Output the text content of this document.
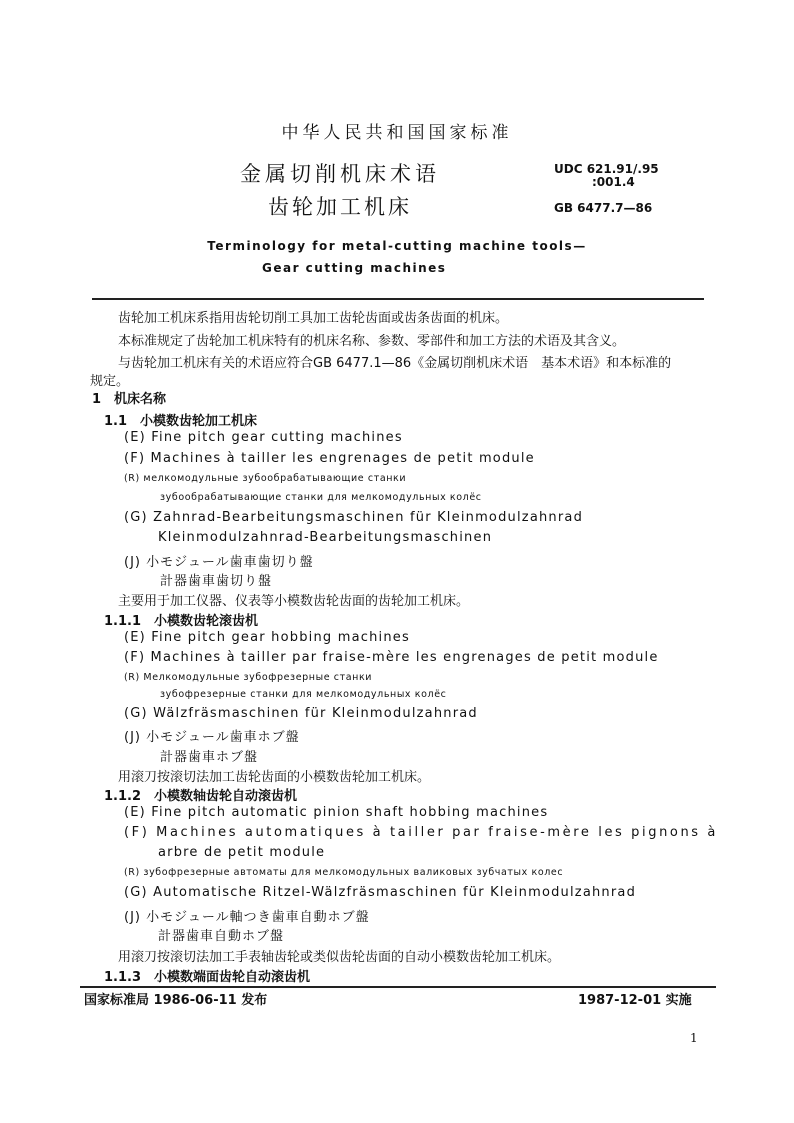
中华人民共和国国家标准
金属切削机床术语
齿轮加工机床
UDC 621.91/.95
:001.4
GB 6477.7—86
Terminology for metal-cutting machine tools—
Gear cutting machines
齿轮加工机床系指用齿轮切削工具加工齿轮齿面或齿条齿面的机床。
本标准规定了齿轮加工机床特有的机床名称、参数、零部件和加工方法的术语及其含义。
与齿轮加工机床有关的术语应符合GB 6477.1—86《金属切削机床术语　基本术语》和本标准的
规定。
1　机床名称
1.1　小模数齿轮加工机床
(E) Fine pitch gear cutting machines
(F) Machines à tailler les engrenages de petit module
(R) мелкомодульные зубообрабатывающие станки
зубообрабатывающие станки для мелкомодульных колёс
(G) Zahnrad-Bearbeitungsmaschinen für Kleinmodulzahnrad
Kleinmodulzahnrad-Bearbeitungsmaschinen
(J) 小モジュール歯車歯切り盤
計器歯車歯切り盤
主要用于加工仪器、仪表等小模数齿轮齿面的齿轮加工机床。
1.1.1　小模数齿轮滚齿机
(E) Fine pitch gear hobbing machines
(F) Machines à tailler par fraise-mère les engrenages de petit module
(R) Мелкомодульные зубофрезерные станки
зубофрезерные станки для мелкомодульных колёс
(G) Wälzfräsmaschinen für Kleinmodulzahnrad
(J) 小モジュール歯車ホブ盤
計器歯車ホブ盤
用滚刀按滚切法加工齿轮齿面的小模数齿轮加工机床。
1.1.2　小模数轴齿轮自动滚齿机
(E) Fine pitch automatic pinion shaft hobbing machines
(F) Machines automatiques à tailler par fraise-mère les pignons à
arbre de petit module
(R) зубофрезерные автоматы для мелкомодульных валиковых зубчатых колес
(G) Automatische Ritzel-Wälzfräsmaschinen für Kleinmodulzahnrad
(J) 小モジュール軸つき歯車自動ホブ盤
計器歯車自動ホブ盤
用滚刀按滚切法加工手表轴齿轮或类似齿轮齿面的自动小模数齿轮加工机床。
1.1.3　小模数端面齿轮自动滚齿机
国家标准局 1986-06-11 发布	1987-12-01 实施
1
